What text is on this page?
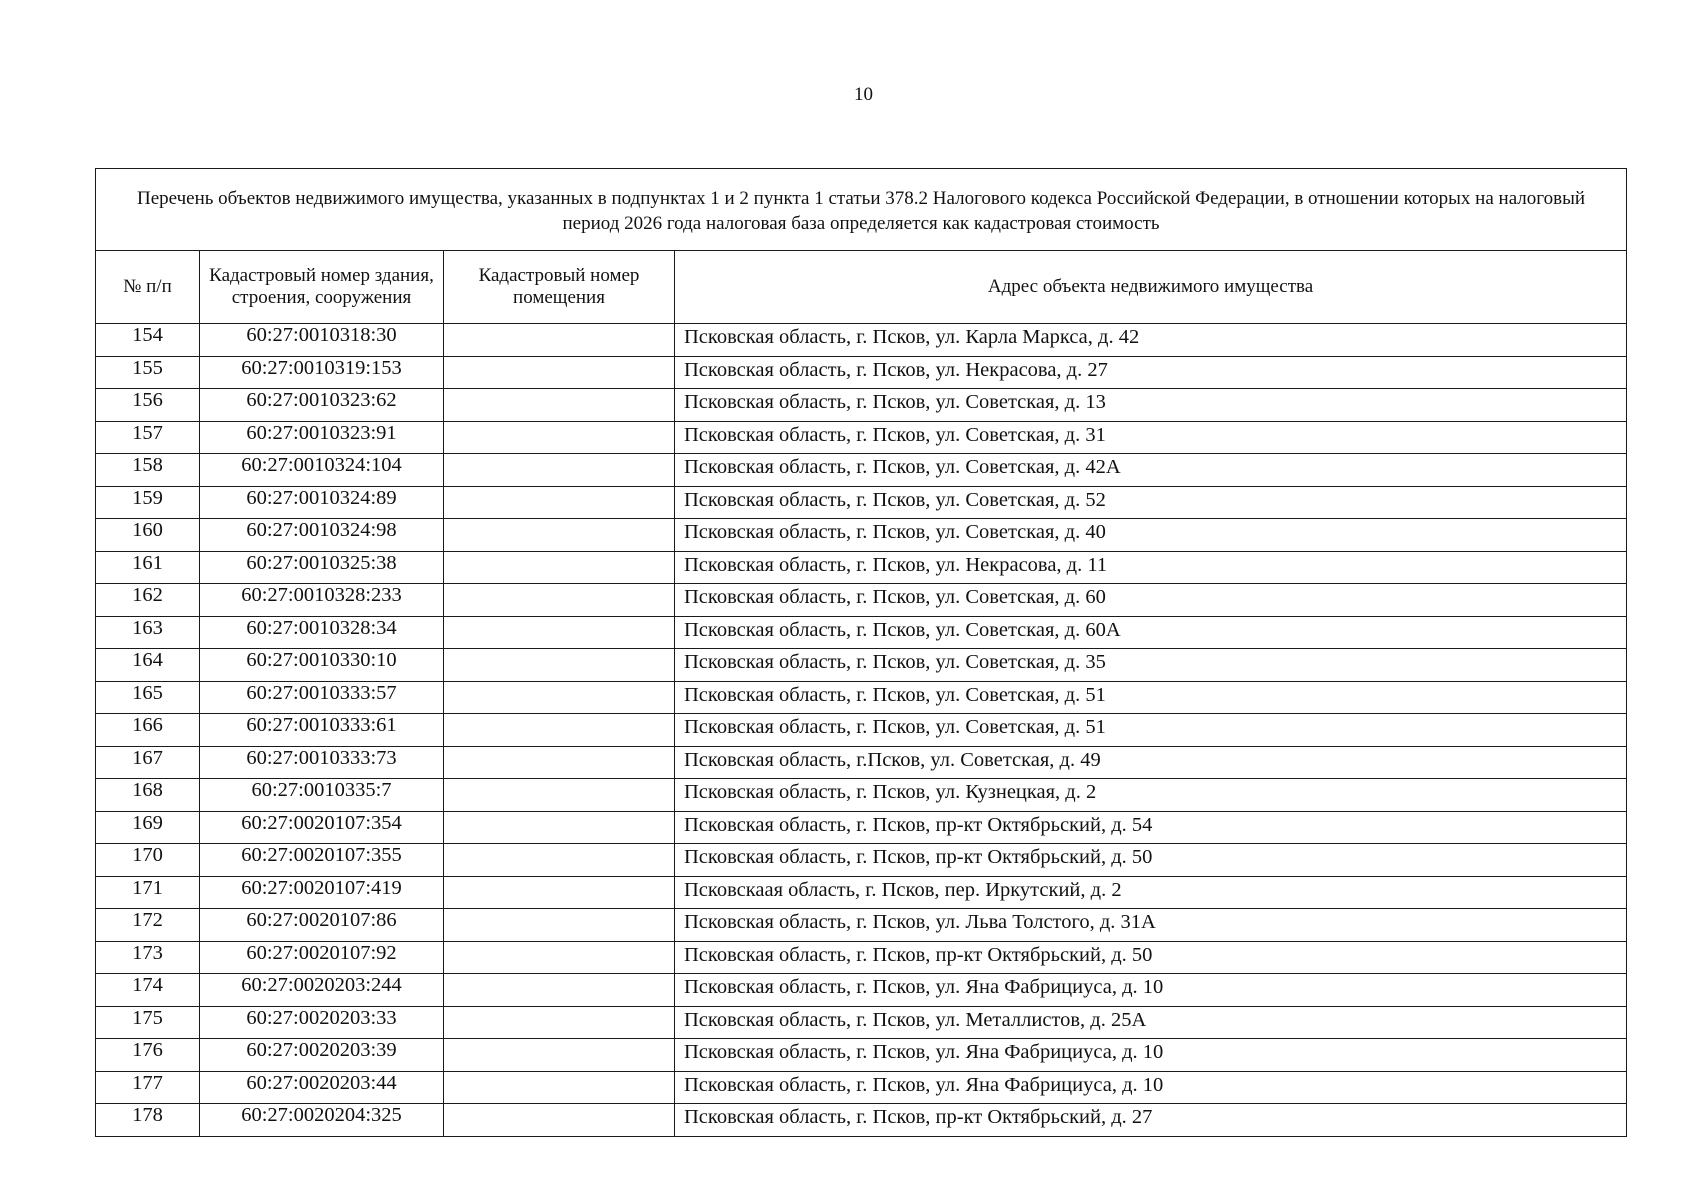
10
Перечень объектов недвижимого имущества, указанных в подпунктах 1 и 2 пункта 1 статьи 378.2 Налогового кодекса Российской Федерации, в отношении которых на налоговый период 2026 года налоговая база определяется как кадастровая стоимость			
№ п/п	Кадастровый номер здания, строения, сооружения	Кадастровый номер помещения	Адрес объекта недвижимого имущества
154	60:27:0010318:30		Псковская область, г. Псков, ул. Карла Маркса, д. 42
155	60:27:0010319:153		Псковская область, г. Псков, ул. Некрасова, д. 27
156	60:27:0010323:62		Псковская область, г. Псков, ул. Советская, д. 13
157	60:27:0010323:91		Псковская область, г. Псков, ул. Советская, д. 31
158	60:27:0010324:104		Псковская область, г. Псков, ул. Советская, д. 42А
159	60:27:0010324:89		Псковская область, г. Псков, ул. Советская, д. 52
160	60:27:0010324:98		Псковская область, г. Псков, ул. Советская, д. 40
161	60:27:0010325:38		Псковская область, г. Псков, ул. Некрасова, д. 11
162	60:27:0010328:233		Псковская область, г. Псков, ул. Советская, д. 60
163	60:27:0010328:34		Псковская область, г. Псков, ул. Советская, д. 60А
164	60:27:0010330:10		Псковская область, г. Псков, ул. Советская, д. 35
165	60:27:0010333:57		Псковская область, г. Псков, ул. Советская, д. 51
166	60:27:0010333:61		Псковская область, г. Псков, ул. Советская, д. 51
167	60:27:0010333:73		Псковская область, г.Псков, ул. Советская, д. 49
168	60:27:0010335:7		Псковская область, г. Псков, ул. Кузнецкая, д. 2
169	60:27:0020107:354		Псковская область, г. Псков, пр-кт Октябрьский, д. 54
170	60:27:0020107:355		Псковская область, г. Псков, пр-кт Октябрьский, д. 50
171	60:27:0020107:419		Псковскаая область, г. Псков, пер. Иркутский, д. 2
172	60:27:0020107:86		Псковская область, г. Псков, ул. Льва Толстого, д. 31А
173	60:27:0020107:92		Псковская область, г. Псков, пр-кт Октябрьский, д. 50
174	60:27:0020203:244		Псковская область, г. Псков, ул. Яна Фабрициуса, д. 10
175	60:27:0020203:33		Псковская область, г. Псков, ул. Металлистов, д. 25А
176	60:27:0020203:39		Псковская область, г. Псков, ул. Яна Фабрициуса, д. 10
177	60:27:0020203:44		Псковская область, г. Псков, ул. Яна Фабрициуса, д. 10
178	60:27:0020204:325		Псковская область, г. Псков, пр-кт Октябрьский, д. 27
